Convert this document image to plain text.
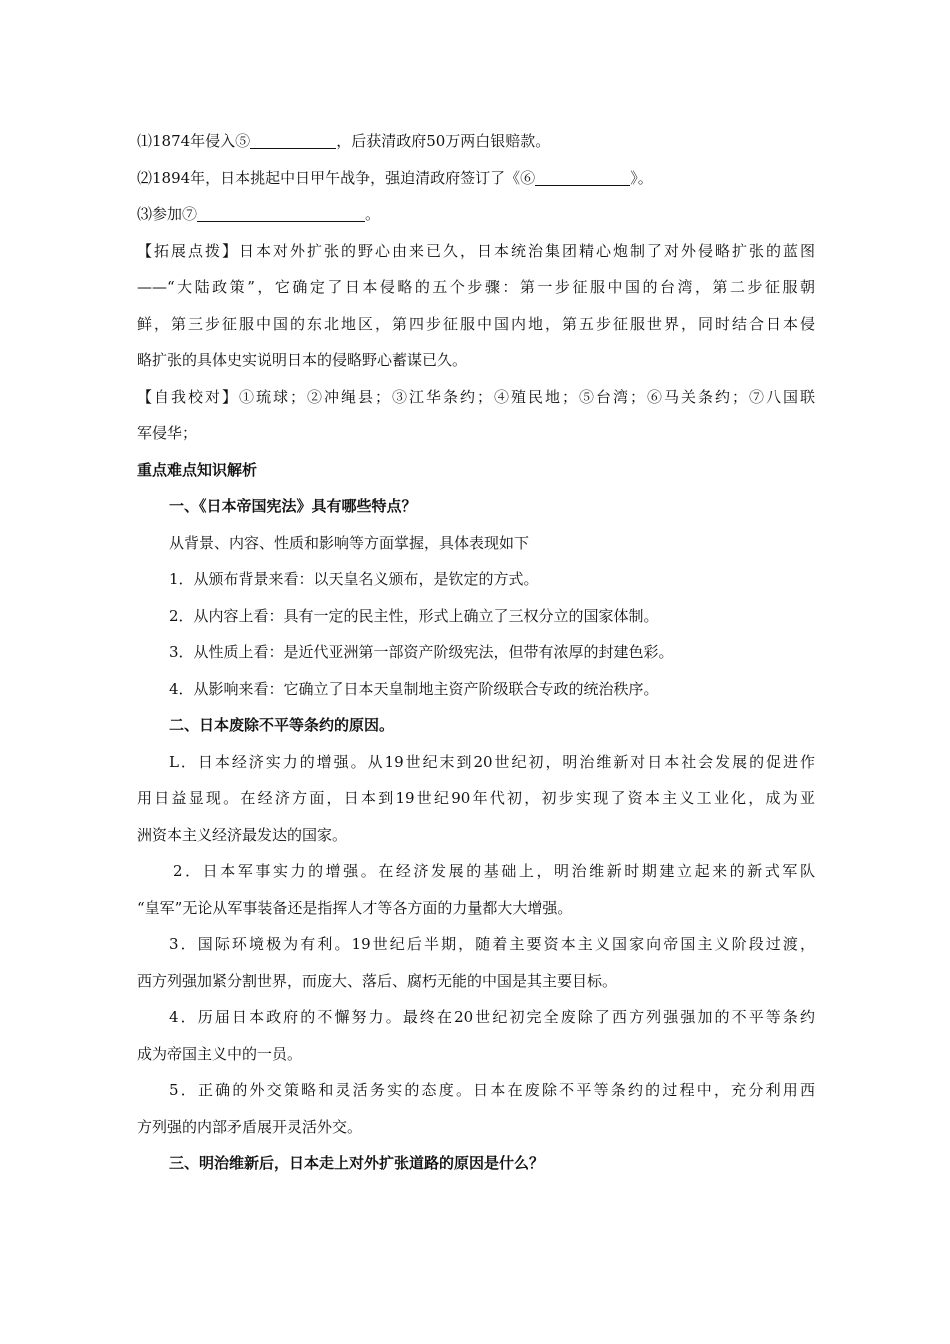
⑴1874年侵入⑤	，后获清政府50万两白银赔款。
⑵1894年，日本挑起中日甲午战争，强迫清政府签订了《⑥	》。
⑶参加⑦	。
【拓展点拨】日本对外扩张的野心由来已久，日本统治集团精心炮制了对外侵略扩张的蓝图
——“大陆政策”，它确定了日本侵略的五个步骤：第一步征服中国的台湾，第二步征服朝
鲜，第三步征服中国的东北地区，第四步征服中国内地，第五步征服世界，同时结合日本侵
略扩张的具体史实说明日本的侵略野心蓄谋已久。
【自我校对】①琉球；②冲绳县；③江华条约；④殖民地；⑤台湾；⑥马关条约；⑦八国联
军侵华；
重点难点知识解析
一、《日本帝国宪法》具有哪些特点？
从背景、内容、性质和影响等方面掌握，具体表现如下
1．从颁布背景来看：以天皇名义颁布，是钦定的方式。
2．从内容上看：具有一定的民主性，形式上确立了三权分立的国家体制。
3．从性质上看：是近代亚洲第一部资产阶级宪法，但带有浓厚的封建色彩。
4．从影响来看：它确立了日本天皇制地主资产阶级联合专政的统治秩序。
二、日本废除不平等条约的原因。
L．日本经济实力的增强。从19世纪末到20世纪初，明治维新对日本社会发展的促进作
用日益显现。在经济方面，日本到19世纪90年代初，初步实现了资本主义工业化，成为亚
洲资本主义经济最发达的国家。
2．日本军事实力的增强。在经济发展的基础上，明治维新时期建立起来的新式军队
“皇军”无论从军事装备还是指挥人才等各方面的力量都大大增强。
3．国际环境极为有利。19世纪后半期，随着主要资本主义国家向帝国主义阶段过渡，
西方列强加紧分割世界，而庞大、落后、腐朽无能的中国是其主要目标。
4．历届日本政府的不懈努力。最终在20世纪初完全废除了西方列强强加的不平等条约
成为帝国主义中的一员。
5．正确的外交策略和灵活务实的态度。日本在废除不平等条约的过程中，充分利用西
方列强的内部矛盾展开灵活外交。
三、明治维新后，日本走上对外扩张道路的原因是什么？
